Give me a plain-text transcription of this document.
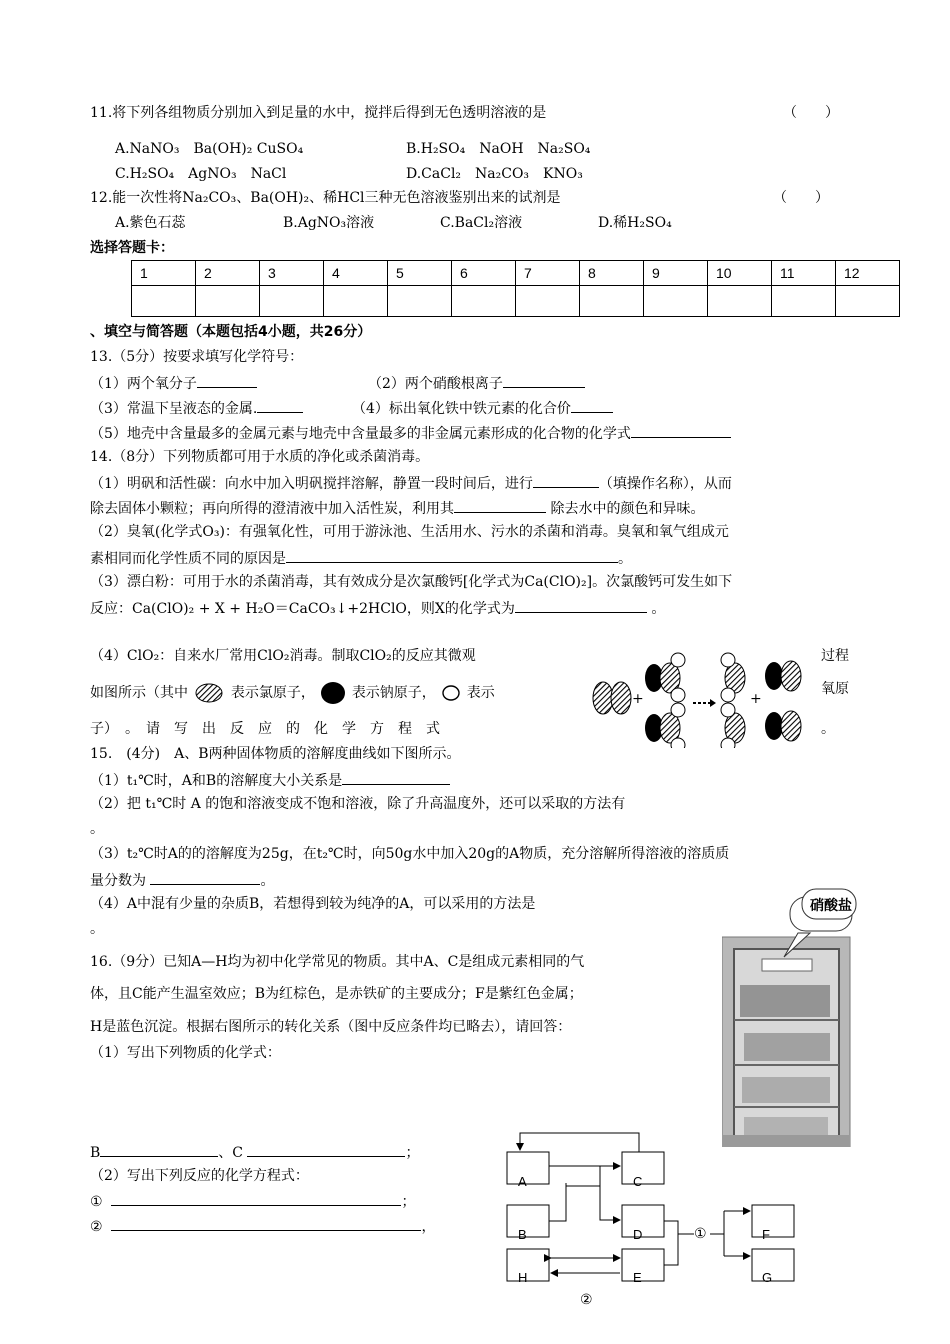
11.将下列各组物质分别加入到足量的水中，搅拌后得到无色透明溶液的是	（　　）
A.NaNO₃　Ba(OH)₂ CuSO₄	B.H₂SO₄　NaOH　Na₂SO₄
C.H₂SO₄　AgNO₃　NaCl	D.CaCl₂　Na₂CO₃　KNO₃
12.能一次性将Na₂CO₃、Ba(OH)₂、稀HCl三种无色溶液鉴别出来的试剂是	（　　）
A.紫色石蕊	B.AgNO₃溶液	C.BaCl₂溶液	D.稀H₂SO₄
选择答题卡：
1	2	3	4	5	6	7	8	9	10	11	12

、填空与简答题（本题包括4小题，共26分）
13.（5分）按要求填写化学符号：
（1）两个氧分子	（2）两个硝酸根离子
（3）常温下呈液态的金属.	（4）标出氧化铁中铁元素的化合价
（5）地壳中含量最多的金属元素与地壳中含量最多的非金属元素形成的化合物的化学式
14.（8分）下列物质都可用于水质的净化或杀菌消毒。
（1）明矾和活性碳：向水中加入明矾搅拌溶解，静置一段时间后，进行	（填操作名称），从而
除去固体小颗粒；再向所得的澄清液中加入活性炭，利用其	除去水中的颜色和异味。
（2）臭氧(化学式O₃)：有强氧化性，可用于游泳池、生活用水、污水的杀菌和消毒。臭氧和氧气组成元
素相同而化学性质不同的原因是	。
（3）漂白粉：可用于水的杀菌消毒，其有效成分是次氯酸钙[化学式为Ca(ClO)₂]。次氯酸钙可发生如下
反应：Ca(ClO)₂ + X + H₂O＝CaCO₃↓+2HClO，则X的化学式为	。
（4）ClO₂：自来水厂常用ClO₂消毒。制取ClO₂的反应其微观	过程
如图所示（其中	表示氯原子，	表示钠原子， 表示	氧原
子）　。　请　写　出　反　应　的　化　学　方　程　式	。
+	+
15.　(4分)　A、B两种固体物质的溶解度曲线如下图所示。
（1）t₁℃时，A和B的溶解度大小关系是
（2）把 t₁℃时 A 的饱和溶液变成不饱和溶液，除了升高温度外，还可以采取的方法有
。
（3）t₂℃时A的的溶解度为25g，在t₂℃时，向50g水中加入20g的A物质，充分溶解所得溶液的溶质质
量分数为	。
（4）A中混有少量的杂质B，若想得到较为纯净的A，可以采用的方法是
。
16.（9分）已知A—H均为初中化学常见的物质。其中A、C是组成元素相同的气
体，且C能产生温室效应；B为红棕色，是赤铁矿的主要成分；F是紫红色金属；
H是蓝色沉淀。根据右图所示的转化关系（图中反应条件均已略去），请回答：
（1）写出下列物质的化学式：
B	、C	；
（2）写出下列反应的化学方程式：
①	；
②	，
硝酸盐
A
B
H
C
D
E
F
G
①
②
